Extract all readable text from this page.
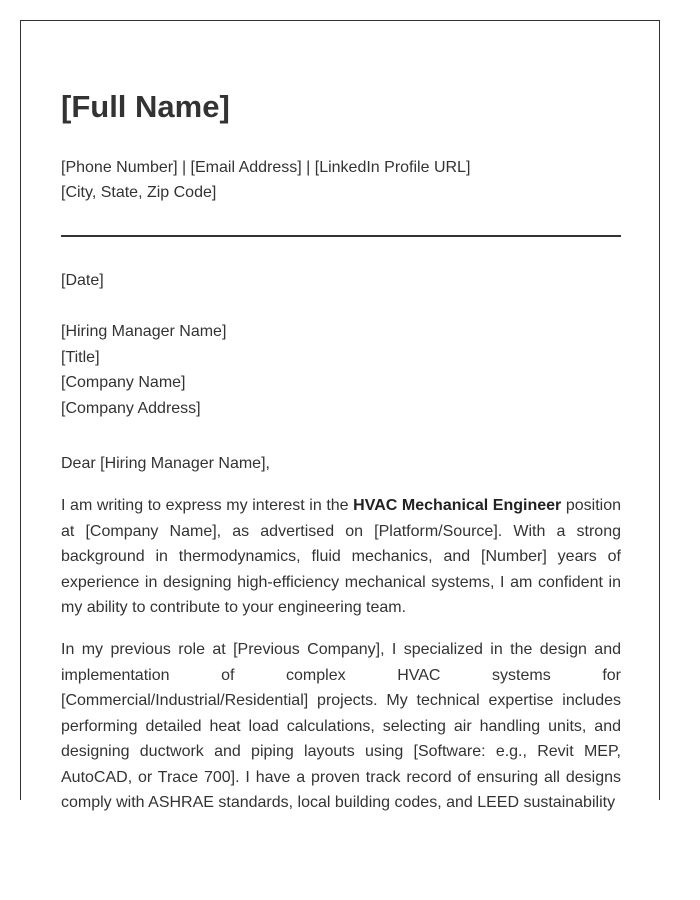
[Full Name]
[Phone Number] | [Email Address] | [LinkedIn Profile URL]
[City, State, Zip Code]
[Date]
[Hiring Manager Name]
[Title]
[Company Name]
[Company Address]
Dear [Hiring Manager Name],

I am writing to express my interest in the HVAC Mechanical Engineer position at [Company Name], as advertised on [Platform/Source]. With a strong background in thermodynamics, fluid mechanics, and [Number] years of experience in designing high-efficiency mechanical systems, I am confident in my ability to contribute to your engineering team.

In my previous role at [Previous Company], I specialized in the design and implementation of complex HVAC systems for [Commercial/Industrial/Residential] projects. My technical expertise includes performing detailed heat load calculations, selecting air handling units, and designing ductwork and piping layouts using [Software: e.g., Revit MEP, AutoCAD, or Trace 700]. I have a proven track record of ensuring all designs comply with ASHRAE standards, local building codes, and LEED sustainability
